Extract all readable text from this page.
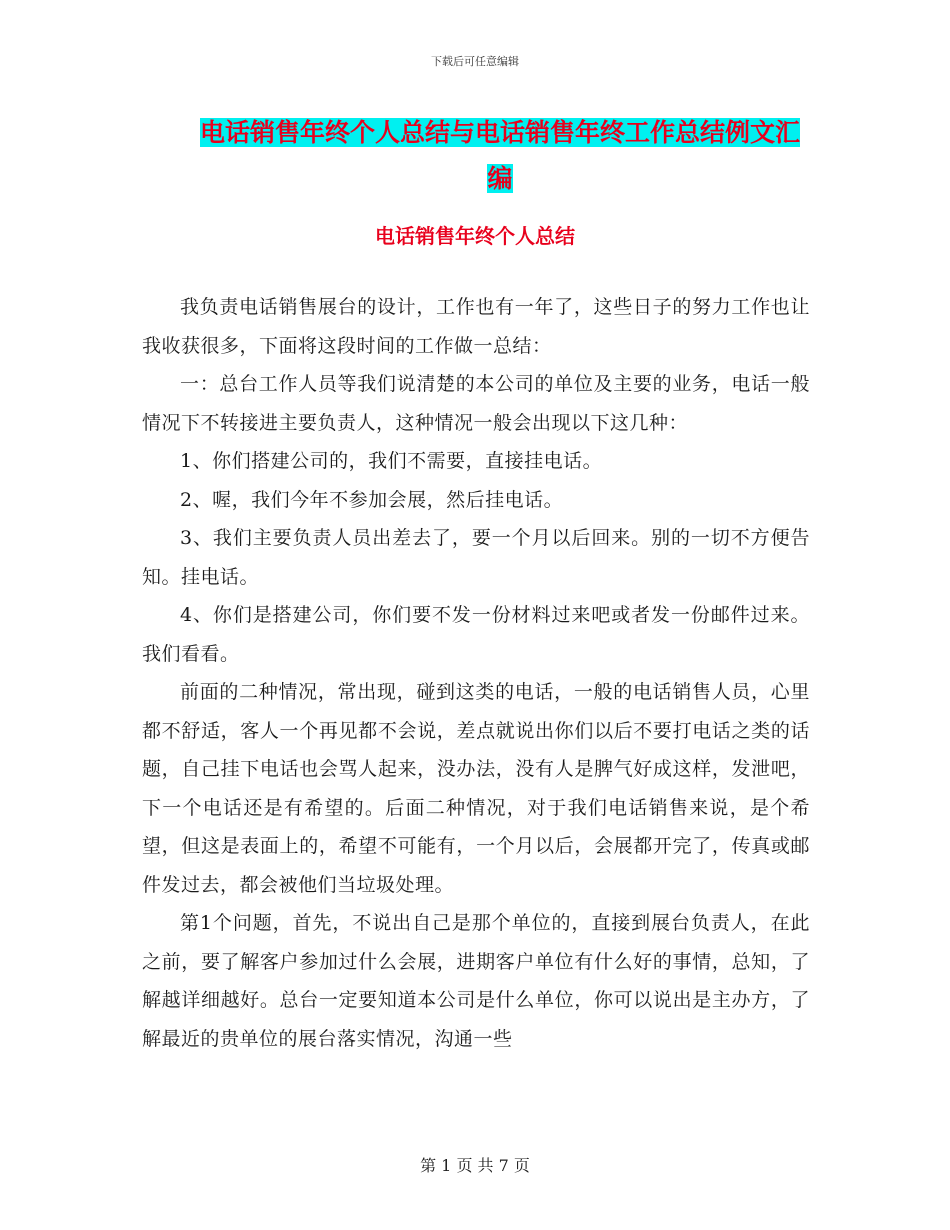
下载后可任意编辑
电话销售年终个人总结与电话销售年终工作总结例文汇编
电话销售年终个人总结

我负责电话销售展台的设计，工作也有一年了，这些日子的努力工作也让我收获很多，下面将这段时间的工作做一总结：

一：总台工作人员等我们说清楚的本公司的单位及主要的业务，电话一般情况下不转接进主要负责人，这种情况一般会出现以下这几种：

1、你们搭建公司的，我们不需要，直接挂电话。

2、喔，我们今年不参加会展，然后挂电话。

3、我们主要负责人员出差去了，要一个月以后回来。别的一切不方便告知。挂电话。

4、你们是搭建公司，你们要不发一份材料过来吧或者发一份邮件过来。我们看看。

前面的二种情况，常出现，碰到这类的电话，一般的电话销售人员，心里都不舒适，客人一个再见都不会说，差点就说出你们以后不要打电话之类的话题，自己挂下电话也会骂人起来，没办法，没有人是脾气好成这样，发泄吧，下一个电话还是有希望的。后面二种情况，对于我们电话销售来说，是个希望，但这是表面上的，希望不可能有，一个月以后，会展都开完了，传真或邮件发过去，都会被他们当垃圾处理。

第1个问题，首先，不说出自己是那个单位的，直接到展台负责人，在此之前，要了解客户参加过什么会展，进期客户单位有什么好的事情，总知，了解越详细越好。总台一定要知道本公司是什么单位，你可以说出是主办方，了解最近的贵单位的展台落实情况，沟通一些

第 1 页 共 7 页
